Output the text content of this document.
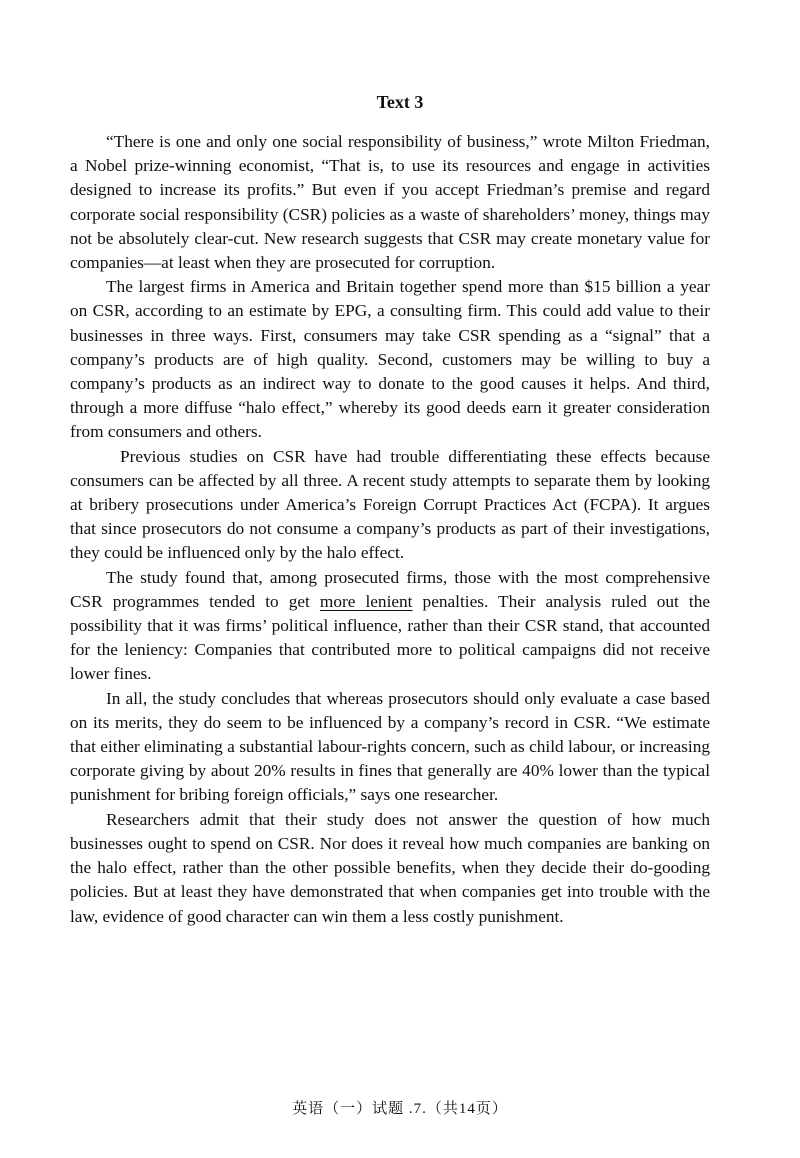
Text 3

“There is one and only one social responsibility of business,” wrote Milton Friedman, a Nobel prize-winning economist, “That is, to use its resources and engage in activities designed to increase its profits.” But even if you accept Friedman’s premise and regard corporate social responsibility (CSR) policies as a waste of shareholders’ money, things may not be absolutely clear-cut. New research suggests that CSR may create monetary value for companies—at least when they are prosecuted for corruption.

The largest firms in America and Britain together spend more than $15 billion a year on CSR, according to an estimate by EPG, a consulting firm. This could add value to their businesses in three ways. First, consumers may take CSR spending as a “signal” that a company’s products are of high quality. Second, customers may be willing to buy a company’s products as an indirect way to donate to the good causes it helps. And third, through a more diffuse “halo effect,” whereby its good deeds earn it greater consideration from consumers and others.

Previous studies on CSR have had trouble differentiating these effects because consumers can be affected by all three. A recent study attempts to separate them by looking at bribery prosecutions under America’s Foreign Corrupt Practices Act (FCPA). It argues that since prosecutors do not consume a company’s products as part of their investigations, they could be influenced only by the halo effect.

The study found that, among prosecuted firms, those with the most comprehensive CSR programmes tended to get more lenient penalties. Their analysis ruled out the possibility that it was firms’ political influence, rather than their CSR stand, that accounted for the leniency: Companies that contributed more to political campaigns did not receive lower fines.

In all, the study concludes that whereas prosecutors should only evaluate a case based on its merits, they do seem to be influenced by a company’s record in CSR. “We estimate that either eliminating a substantial labour-rights concern, such as child labour, or increasing corporate giving by about 20% results in fines that generally are 40% lower than the typical punishment for bribing foreign officials,” says one researcher.

Researchers admit that their study does not answer the question of how much businesses ought to spend on CSR. Nor does it reveal how much companies are banking on the halo effect, rather than the other possible benefits, when they decide their do-gooding policies. But at least they have demonstrated that when companies get into trouble with the law, evidence of good character can win them a less costly punishment.

英语（一）试题 .7.（共14页）
